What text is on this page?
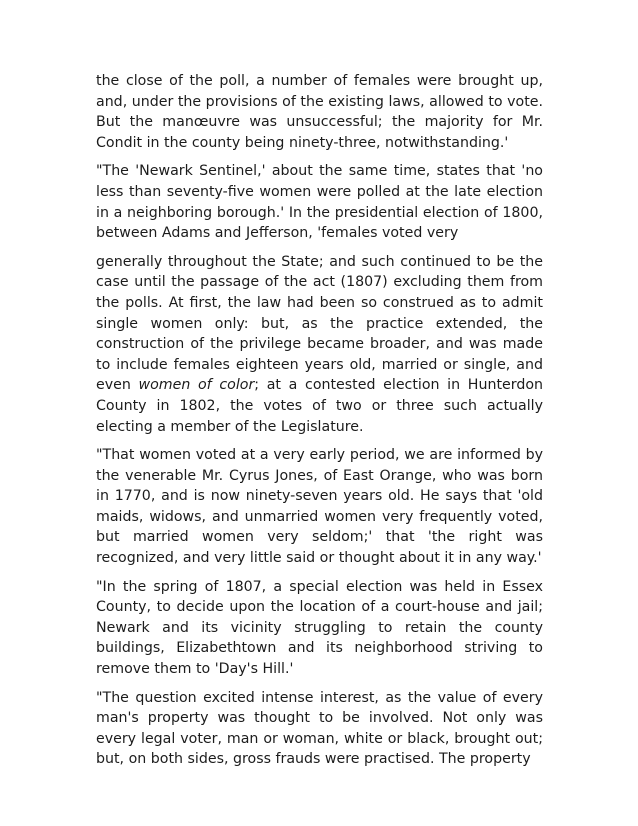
the close of the poll, a number of females were brought up, and, under the provisions of the existing laws, allowed to vote. But the manœuvre was unsuccessful; the majority for Mr. Condit in the county being ninety-three, notwithstanding.'

"The 'Newark Sentinel,' about the same time, states that 'no less than seventy-five women were polled at the late election in a neighboring borough.' In the presidential election of 1800, between Adams and Jefferson, 'females voted very

generally throughout the State; and such continued to be the case until the passage of the act (1807) excluding them from the polls. At first, the law had been so construed as to admit single women only: but, as the practice extended, the construction of the privilege became broader, and was made to include females eighteen years old, married or single, and even women of color; at a contested election in Hunterdon County in 1802, the votes of two or three such actually electing a member of the Legislature.

"That women voted at a very early period, we are informed by the venerable Mr. Cyrus Jones, of East Orange, who was born in 1770, and is now ninety-seven years old. He says that 'old maids, widows, and unmarried women very frequently voted, but married women very seldom;' that 'the right was recognized, and very little said or thought about it in any way.'

"In the spring of 1807, a special election was held in Essex County, to decide upon the location of a court-house and jail; Newark and its vicinity struggling to retain the county buildings, Elizabethtown and its neighborhood striving to remove them to 'Day's Hill.'

"The question excited intense interest, as the value of every man's property was thought to be involved. Not only was every legal voter, man or woman, white or black, brought out; but, on both sides, gross frauds were practised. The property
